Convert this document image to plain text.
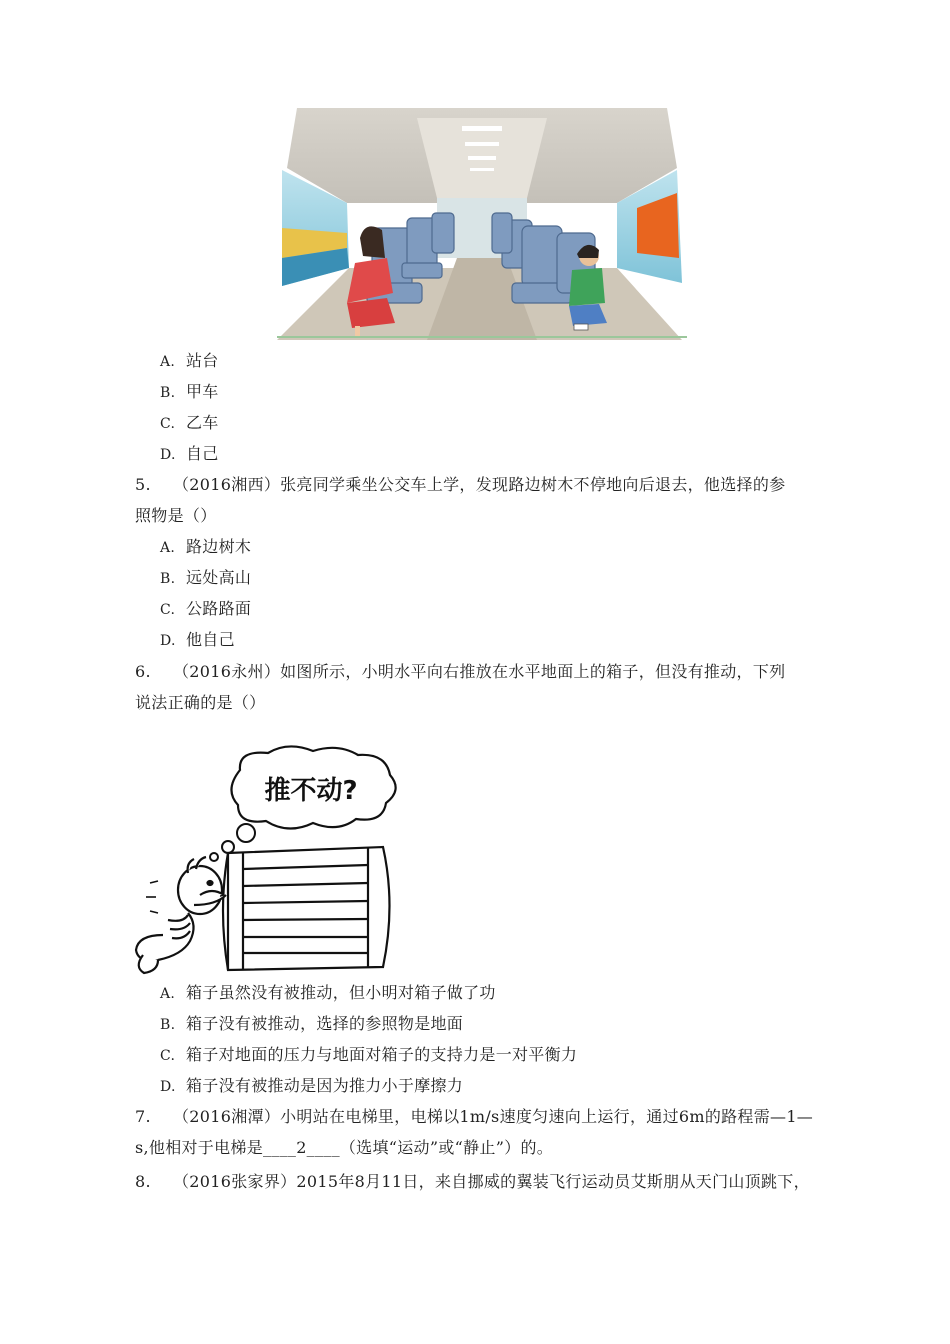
A. 站台
B. 甲车
C. 乙车
D. 自己
5. （2016湘西）张亮同学乘坐公交车上学，发现路边树木不停地向后退去，他选择的参
照物是（）
A. 路边树木
B. 远处高山
C. 公路路面
D. 他自己
6. （2016永州）如图所示，小明水平向右推放在水平地面上的箱子，但没有推动，下列
说法正确的是（）
推不动?
A. 箱子虽然没有被推动，但小明对箱子做了功
B. 箱子没有被推动，选择的参照物是地面
C. 箱子对地面的压力与地面对箱子的支持力是一对平衡力
D. 箱子没有被推动是因为推力小于摩擦力
7. （2016湘潭）小明站在电梯里，电梯以1m/s速度匀速向上运行，通过6m的路程需—1—
s,他相对于电梯是____2____（选填“运动”或“静止”）的。
8. （2016张家界）2015年8月11日，来自挪威的翼装飞行运动员艾斯朋从天门山顶跳下，
